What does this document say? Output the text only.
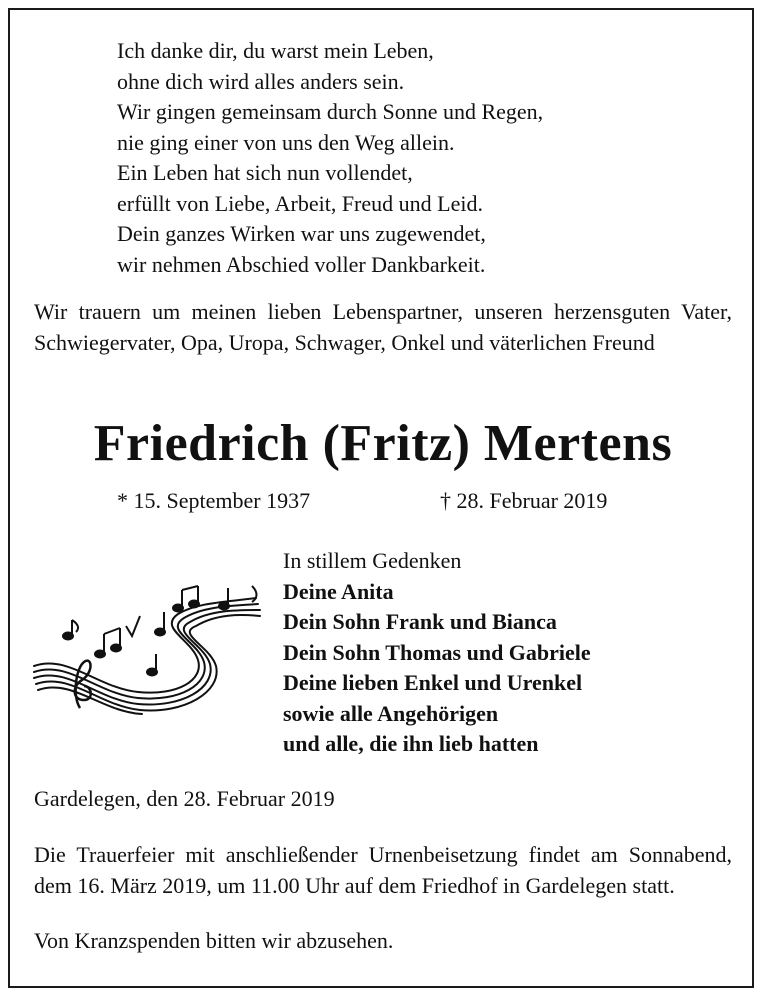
Ich danke dir, du warst mein Leben,
ohne dich wird alles anders sein.
Wir gingen gemeinsam durch Sonne und Regen,
nie ging einer von uns den Weg allein.
Ein Leben hat sich nun vollendet,
erfüllt von Liebe, Arbeit, Freud und Leid.
Dein ganzes Wirken war uns zugewendet,
wir nehmen Abschied voller Dankbarkeit.
Wir trauern um meinen lieben Lebenspartner, unseren herzensguten Vater, Schwiegervater, Opa, Uropa, Schwager, Onkel und väterlichen Freund
Friedrich (Fritz) Mertens
* 15. September 1937	† 28. Februar 2019
In stillem Gedenken
Deine Anita
Dein Sohn Frank und Bianca
Dein Sohn Thomas und Gabriele
Deine lieben Enkel und Urenkel
sowie alle Angehörigen
und alle, die ihn lieb hatten
Gardelegen, den 28. Februar 2019
Die Trauerfeier mit anschließender Urnenbeisetzung findet am Sonnabend, dem 16. März 2019, um 11.00 Uhr auf dem Friedhof in Gardelegen statt.
Von Kranzspenden bitten wir abzusehen.
